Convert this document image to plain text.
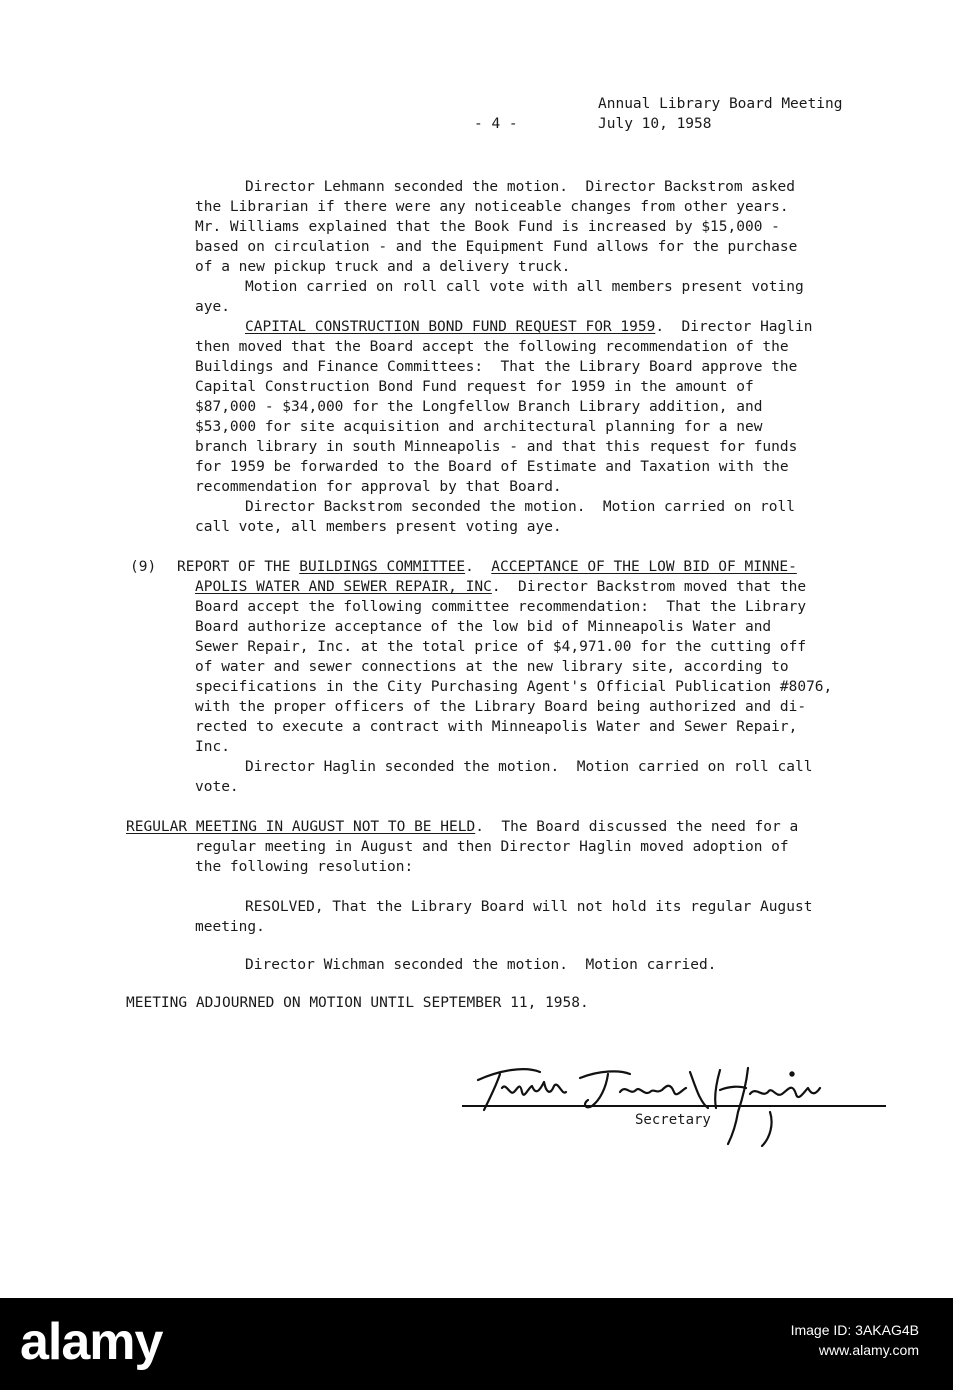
Annual Library Board Meeting
July 10, 1958
- 4 -
Director Lehmann seconded the motion.  Director Backstrom asked
the Librarian if there were any noticeable changes from other years.
Mr. Williams explained that the Book Fund is increased by $15,000 -
based on circulation - and the Equipment Fund allows for the purchase
of a new pickup truck and a delivery truck.
Motion carried on roll call vote with all members present voting
aye.
CAPITAL CONSTRUCTION BOND FUND REQUEST FOR 1959.  Director Haglin
then moved that the Board accept the following recommendation of the
Buildings and Finance Committees:  That the Library Board approve the
Capital Construction Bond Fund request for 1959 in the amount of
$87,000 - $34,000 for the Longfellow Branch Library addition, and
$53,000 for site acquisition and architectural planning for a new
branch library in south Minneapolis - and that this request for funds
for 1959 be forwarded to the Board of Estimate and Taxation with the
recommendation for approval by that Board.
Director Backstrom seconded the motion.  Motion carried on roll
call vote, all members present voting aye.
(9) REPORT OF THE BUILDINGS COMMITTEE.  ACCEPTANCE OF THE LOW BID OF MINNE-
APOLIS WATER AND SEWER REPAIR, INC.  Director Backstrom moved that the
Board accept the following committee recommendation:  That the Library
Board authorize acceptance of the low bid of Minneapolis Water and
Sewer Repair, Inc. at the total price of $4,971.00 for the cutting off
of water and sewer connections at the new library site, according to
specifications in the City Purchasing Agent's Official Publication #8076,
with the proper officers of the Library Board being authorized and di-
rected to execute a contract with Minneapolis Water and Sewer Repair,
Inc.
Director Haglin seconded the motion.  Motion carried on roll call
vote.
REGULAR MEETING IN AUGUST NOT TO BE HELD.  The Board discussed the need for a
regular meeting in August and then Director Haglin moved adoption of
the following resolution:
RESOLVED, That the Library Board will not hold its regular August
meeting.
Director Wichman seconded the motion.  Motion carried.
MEETING ADJOURNED ON MOTION UNTIL SEPTEMBER 11, 1958.
Secretary
alamy	Image ID: 3AKAG4B
www.alamy.com
